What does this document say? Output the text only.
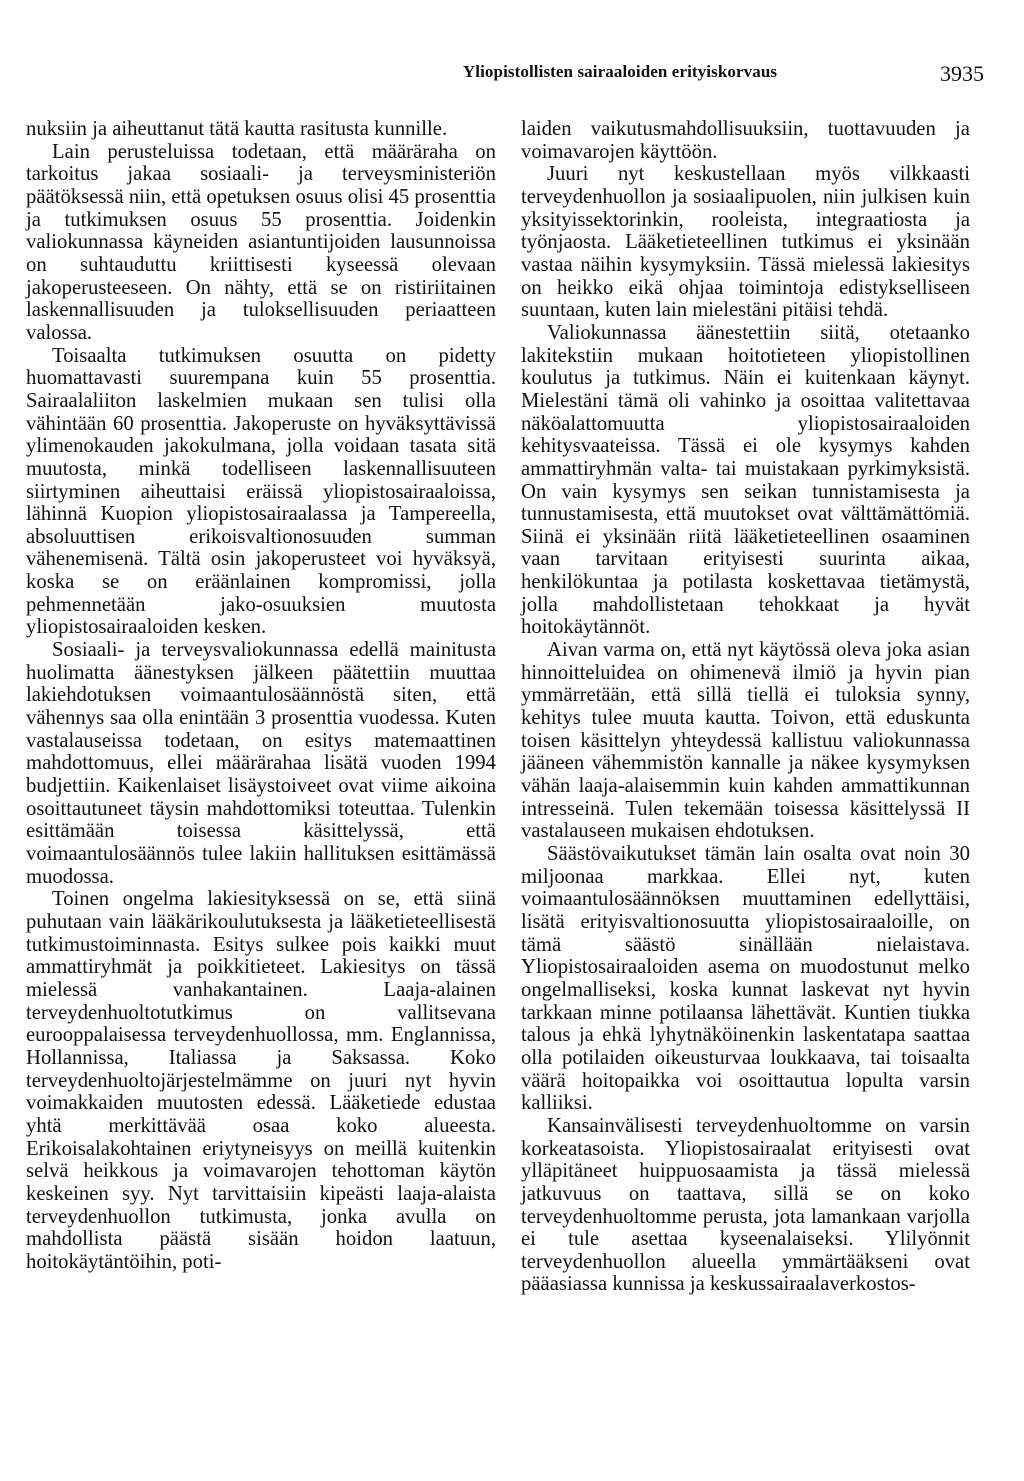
Yliopistollisten sairaaloiden erityiskorvaus	3935

nuksiin ja aiheuttanut tätä kautta rasitusta kunnille.

Lain perusteluissa todetaan, että määräraha on tarkoitus jakaa sosiaali- ja terveysministeriön päätöksessä niin, että opetuksen osuus olisi 45 prosenttia ja tutkimuksen osuus 55 prosenttia. Joidenkin valiokunnassa käyneiden asiantuntijoiden lausunnoissa on suhtauduttu kriittisesti kyseessä olevaan jakoperusteeseen. On nähty, että se on ristiriitainen laskennallisuuden ja tuloksellisuuden periaatteen valossa.

Toisaalta tutkimuksen osuutta on pidetty huomattavasti suurempana kuin 55 prosenttia. Sairaalaliiton laskelmien mukaan sen tulisi olla vähintään 60 prosenttia. Jakoperuste on hyväksyttävissä ylimenokauden jakokulmana, jolla voidaan tasata sitä muutosta, minkä todelliseen laskennallisuuteen siirtyminen aiheuttaisi eräissä yliopistosairaaloissa, lähinnä Kuopion yliopistosairaalassa ja Tampereella, absoluuttisen erikoisvaltionosuuden summan vähenemisenä. Tältä osin jakoperusteet voi hyväksyä, koska se on eräänlainen kompromissi, jolla pehmennetään jako-osuuksien muutosta yliopistosairaaloiden kesken.

Sosiaali- ja terveysvaliokunnassa edellä mainitusta huolimatta äänestyksen jälkeen päätettiin muuttaa lakiehdotuksen voimaantulosäännöstä siten, että vähennys saa olla enintään 3 prosenttia vuodessa. Kuten vastalauseissa todetaan, on esitys matemaattinen mahdottomuus, ellei määrärahaa lisätä vuoden 1994 budjettiin. Kaikenlaiset lisäystoiveet ovat viime aikoina osoittautuneet täysin mahdottomiksi toteuttaa. Tulenkin esittämään toisessa käsittelyssä, että voimaantulosäännös tulee lakiin hallituksen esittämässä muodossa.

Toinen ongelma lakiesityksessä on se, että siinä puhutaan vain lääkärikoulutuksesta ja lääketieteellisestä tutkimustoiminnasta. Esitys sulkee pois kaikki muut ammattiryhmät ja poikkitieteet. Lakiesitys on tässä mielessä vanhakantainen. Laaja-alainen terveydenhuoltotutkimus on vallitsevana eurooppalaisessa terveydenhuollossa, mm. Englannissa, Hollannissa, Italiassa ja Saksassa. Koko terveydenhuoltojärjestelmämme on juuri nyt hyvin voimakkaiden muutosten edessä. Lääketiede edustaa yhtä merkittävää osaa koko alueesta. Erikoisalakohtainen eriytyneisyys on meillä kuitenkin selvä heikkous ja voimavarojen tehottoman käytön keskeinen syy. Nyt tarvittaisiin kipeästi laaja-alaista terveydenhuollon tutkimusta, jonka avulla on mahdollista päästä sisään hoidon laatuun, hoitokäytäntöihin, poti-

laiden vaikutusmahdollisuuksiin, tuottavuuden ja voimavarojen käyttöön.

Juuri nyt keskustellaan myös vilkkaasti terveydenhuollon ja sosiaalipuolen, niin julkisen kuin yksityissektorinkin, rooleista, integraatiosta ja työnjaosta. Lääketieteellinen tutkimus ei yksinään vastaa näihin kysymyksiin. Tässä mielessä lakiesitys on heikko eikä ohjaa toimintoja edistykselliseen suuntaan, kuten lain mielestäni pitäisi tehdä.

Valiokunnassa äänestettiin siitä, otetaanko lakitekstiin mukaan hoitotieteen yliopistollinen koulutus ja tutkimus. Näin ei kuitenkaan käynyt. Mielestäni tämä oli vahinko ja osoittaa valitettavaa näköalattomuutta yliopistosairaaloiden kehitysvaateissa. Tässä ei ole kysymys kahden ammattiryhmän valta- tai muistakaan pyrkimyksistä. On vain kysymys sen seikan tunnistamisesta ja tunnustamisesta, että muutokset ovat välttämättömiä. Siinä ei yksinään riitä lääketieteellinen osaaminen vaan tarvitaan erityisesti suurinta aikaa, henkilökuntaa ja potilasta koskettavaa tietämystä, jolla mahdollistetaan tehokkaat ja hyvät hoitokäytännöt.

Aivan varma on, että nyt käytössä oleva joka asian hinnoitteluidea on ohimenevä ilmiö ja hyvin pian ymmärretään, että sillä tiellä ei tuloksia synny, kehitys tulee muuta kautta. Toivon, että eduskunta toisen käsittelyn yhteydessä kallistuu valiokunnassa jääneen vähemmistön kannalle ja näkee kysymyksen vähän laaja-alaisemmin kuin kahden ammattikunnan intresseinä. Tulen tekemään toisessa käsittelyssä II vastalauseen mukaisen ehdotuksen.

Säästövaikutukset tämän lain osalta ovat noin 30 miljoonaa markkaa. Ellei nyt, kuten voimaantulosäännöksen muuttaminen edellyttäisi, lisätä erityisvaltionosuutta yliopistosairaaloille, on tämä säästö sinällään nielaistava. Yliopistosairaaloiden asema on muodostunut melko ongelmalliseksi, koska kunnat laskevat nyt hyvin tarkkaan minne potilaansa lähettävät. Kuntien tiukka talous ja ehkä lyhytnäköinenkin laskentatapa saattaa olla potilaiden oikeusturvaa loukkaava, tai toisaalta väärä hoitopaikka voi osoittautua lopulta varsin kalliiksi.

Kansainvälisesti terveydenhuoltomme on varsin korkeatasoista. Yliopistosairaalat erityisesti ovat ylläpitäneet huippuosaamista ja tässä mielessä jatkuvuus on taattava, sillä se on koko terveydenhuoltomme perusta, jota lamankaan varjolla ei tule asettaa kyseenalaiseksi. Ylilyönnit terveydenhuollon alueella ymmärtääkseni ovat pääasiassa kunnissa ja keskussairaalaverkostos-
